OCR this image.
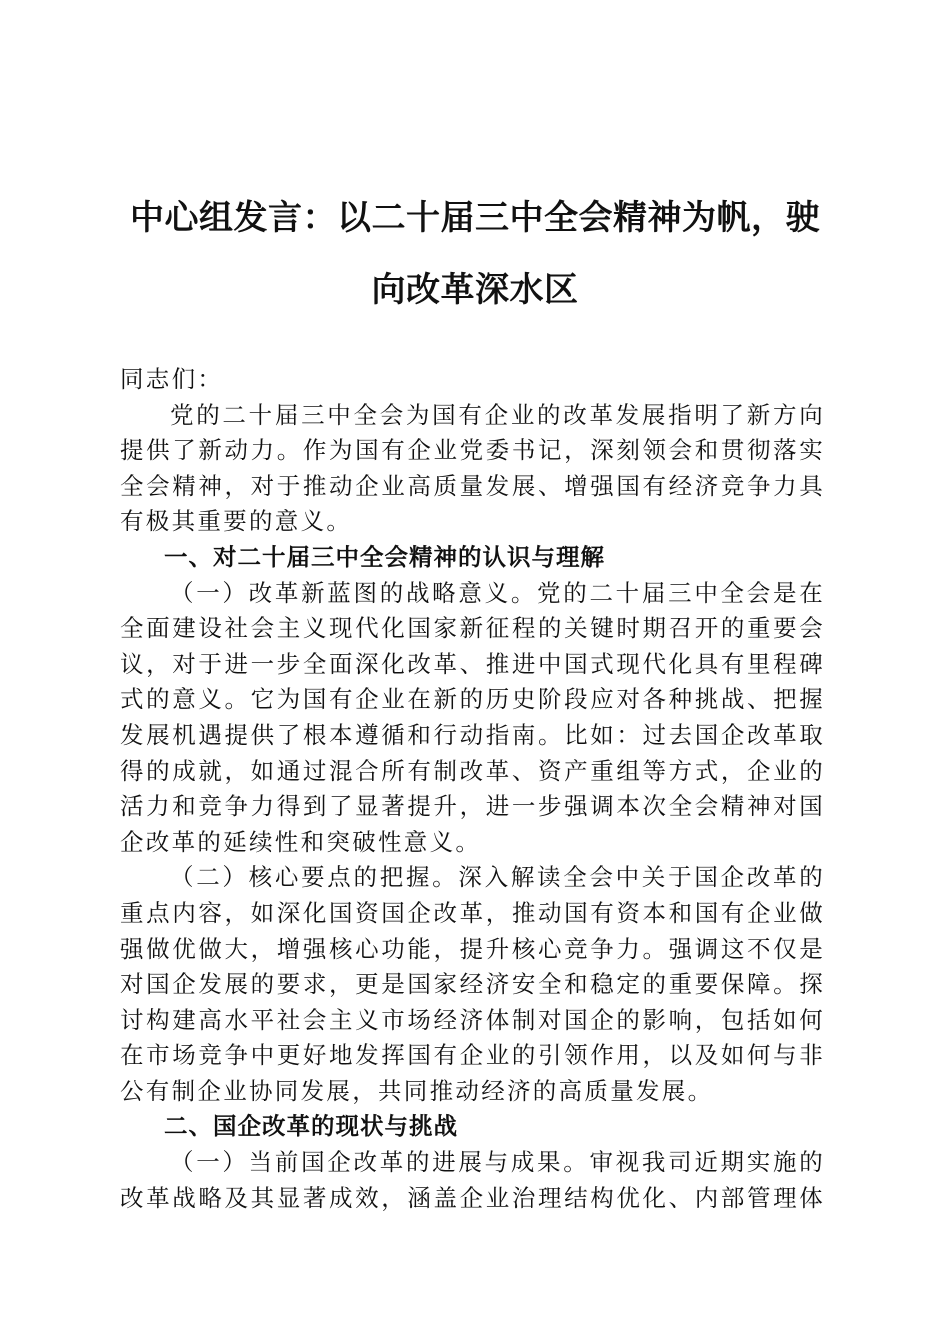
中心组发言：以二十届三中全会精神为帆，驶
向改革深水区
同志们：
党的二十届三中全会为国有企业的改革发展指明了新方向
提供了新动力。作为国有企业党委书记，深刻领会和贯彻落实
全会精神，对于推动企业高质量发展、增强国有经济竞争力具
有极其重要的意义。
一、对二十届三中全会精神的认识与理解
（一）改革新蓝图的战略意义。党的二十届三中全会是在
全面建设社会主义现代化国家新征程的关键时期召开的重要会
议，对于进一步全面深化改革、推进中国式现代化具有里程碑
式的意义。它为国有企业在新的历史阶段应对各种挑战、把握
发展机遇提供了根本遵循和行动指南。比如：过去国企改革取
得的成就，如通过混合所有制改革、资产重组等方式，企业的
活力和竞争力得到了显著提升，进一步强调本次全会精神对国
企改革的延续性和突破性意义。
（二）核心要点的把握。深入解读全会中关于国企改革的
重点内容，如深化国资国企改革，推动国有资本和国有企业做
强做优做大，增强核心功能，提升核心竞争力。强调这不仅是
对国企发展的要求，更是国家经济安全和稳定的重要保障。探
讨构建高水平社会主义市场经济体制对国企的影响，包括如何
在市场竞争中更好地发挥国有企业的引领作用，以及如何与非
公有制企业协同发展，共同推动经济的高质量发展。
二、国企改革的现状与挑战
（一）当前国企改革的进展与成果。审视我司近期实施的
改革战略及其显著成效，涵盖企业治理结构优化、内部管理体
